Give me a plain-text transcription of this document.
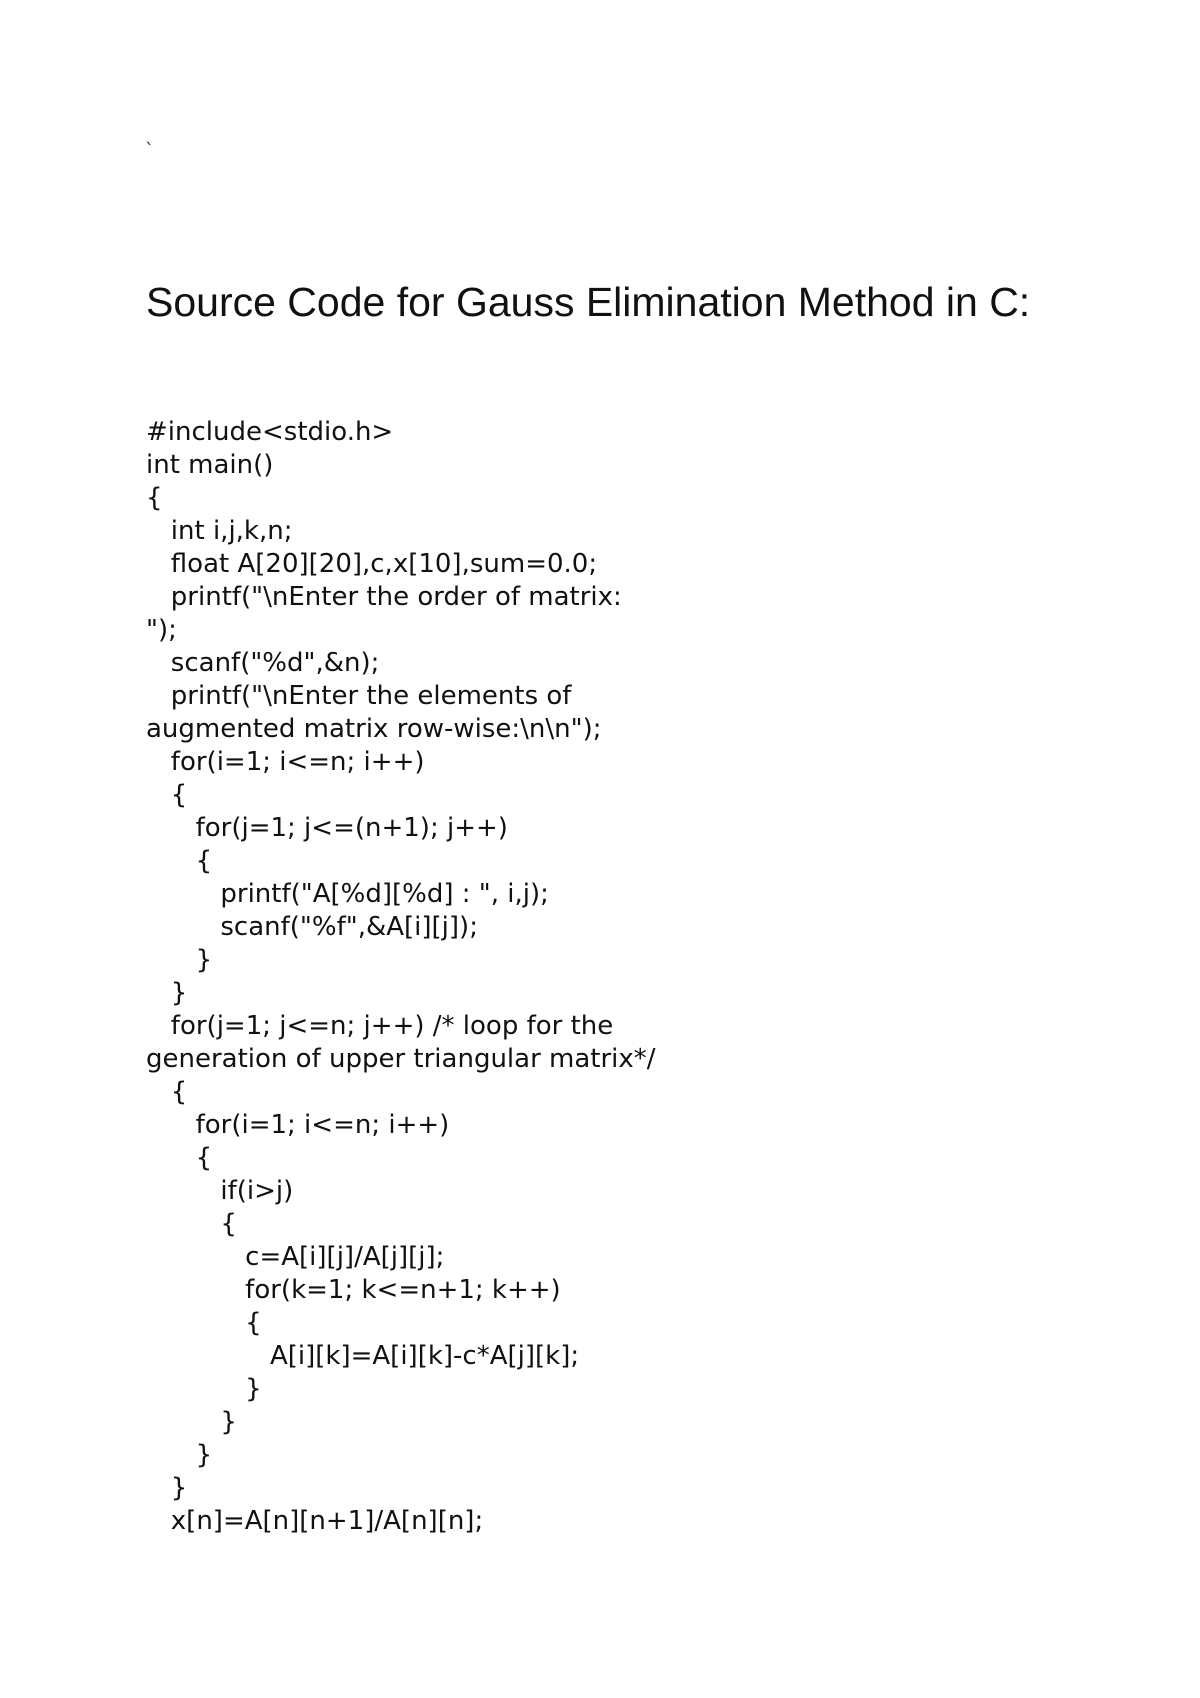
`
Source Code for Gauss Elimination Method in C:
#include<stdio.h>
int main()
{
int i,j,k,n;
float A[20][20],c,x[10],sum=0.0;
printf("\nEnter the order of matrix:
");
scanf("%d",&n);
printf("\nEnter the elements of
augmented matrix row-wise:\n\n");
for(i=1; i<=n; i++)
{
for(j=1; j<=(n+1); j++)
{
printf("A[%d][%d] : ", i,j);
scanf("%f",&A[i][j]);
}
}
for(j=1; j<=n; j++) /* loop for the
generation of upper triangular matrix*/
{
for(i=1; i<=n; i++)
{
if(i>j)
{
c=A[i][j]/A[j][j];
for(k=1; k<=n+1; k++)
{
A[i][k]=A[i][k]-c*A[j][k];
}
}
}
}
x[n]=A[n][n+1]/A[n][n];
